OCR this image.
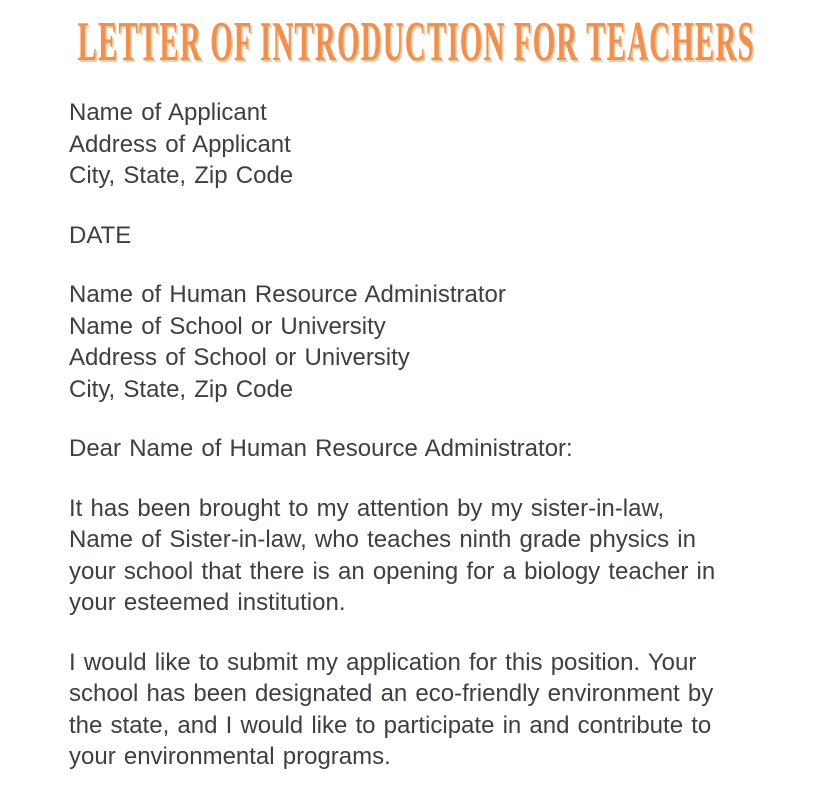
LETTER OF INTRODUCTION FOR TEACHERS
Name of Applicant
Address of Applicant
City, State, Zip Code
DATE
Name of Human Resource Administrator
Name of School or University
Address of School or University
City, State, Zip Code
Dear Name of Human Resource Administrator:
It has been brought to my attention by my sister-in-law,
Name of Sister-in-law, who teaches ninth grade physics in
your school that there is an opening for a biology teacher in
your esteemed institution.
I would like to submit my application for this position. Your
school has been designated an eco-friendly environment by
the state, and I would like to participate in and contribute to
your environmental programs.
